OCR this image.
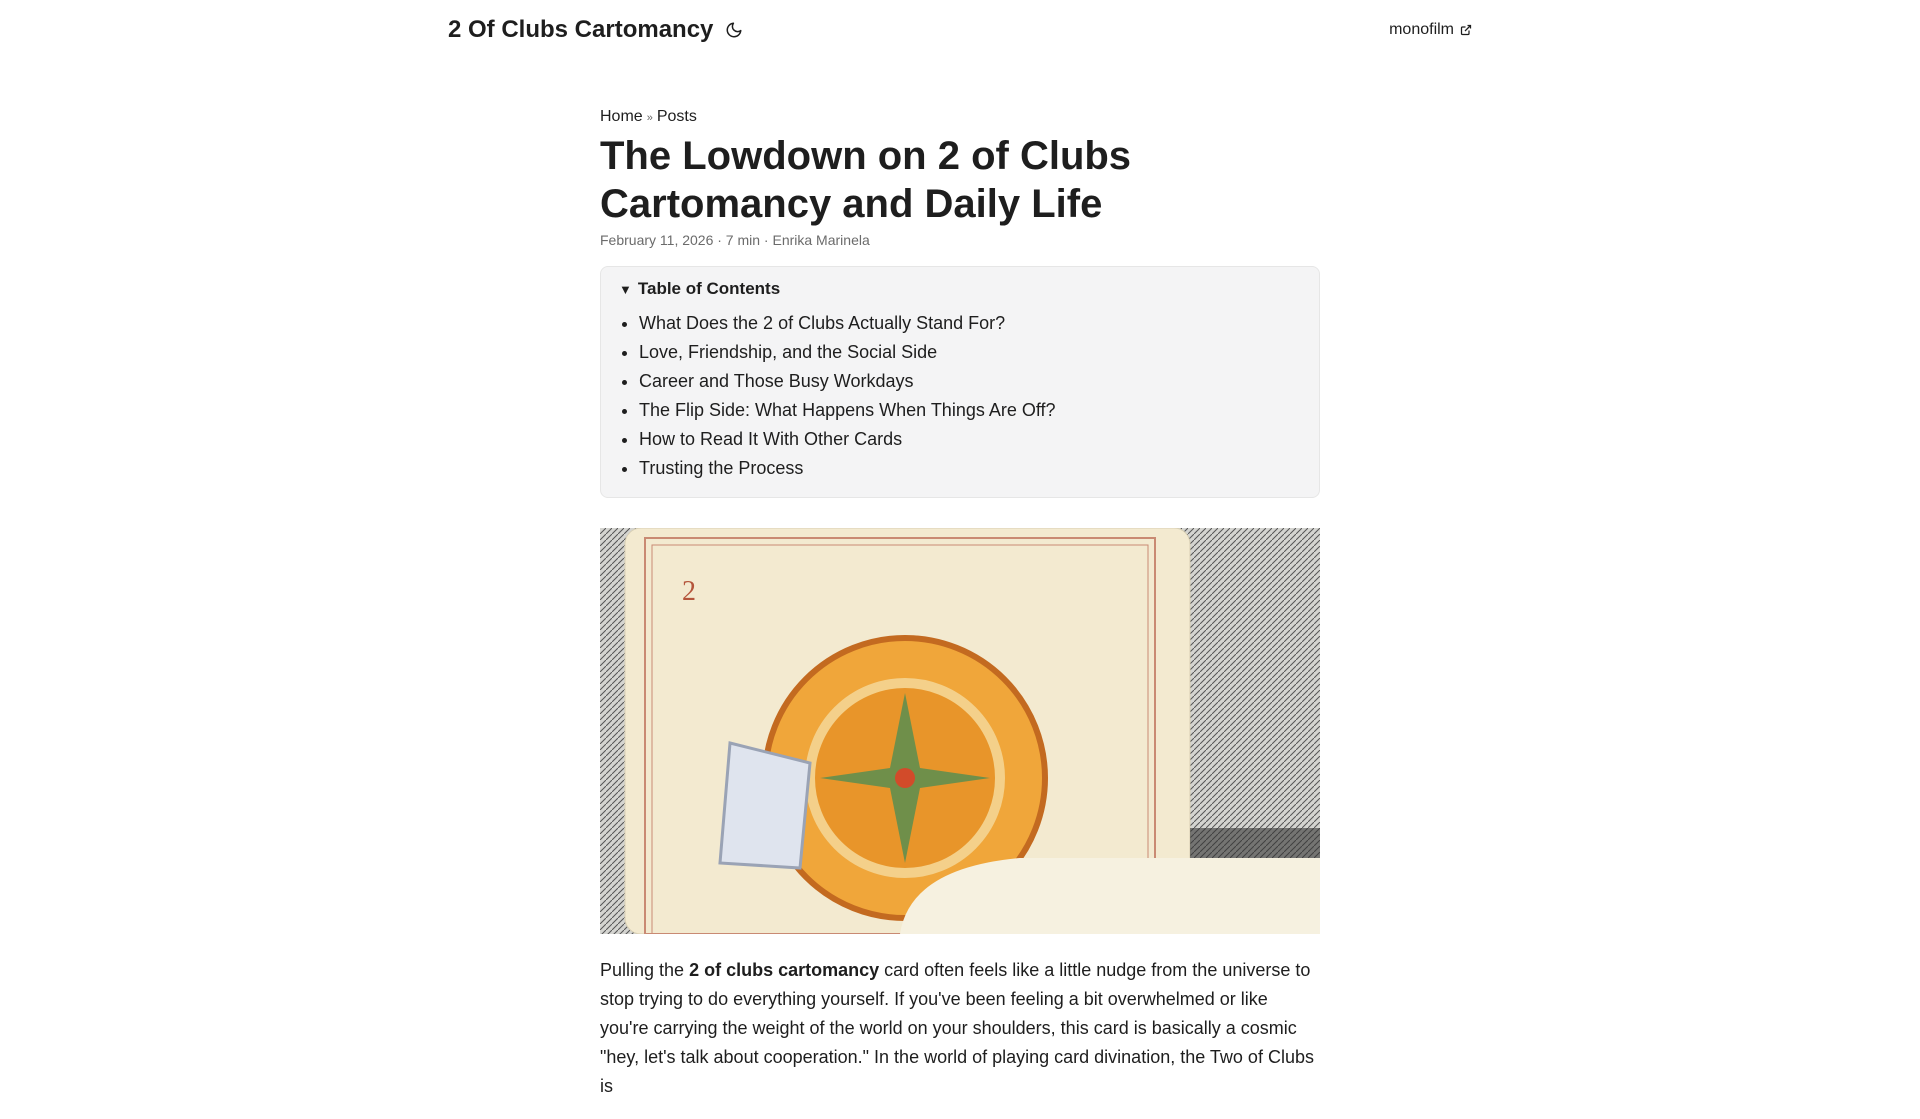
2 Of Clubs Cartomancy	monofilm
Home » Posts
The Lowdown on 2 of Clubs Cartomancy and Daily Life
February 11, 2026 · 7 min · Enrika Marinela
▼ Table of Contents
• What Does the 2 of Clubs Actually Stand For?
• Love, Friendship, and the Social Side
• Career and Those Busy Workdays
• The Flip Side: What Happens When Things Are Off?
• How to Read It With Other Cards
• Trusting the Process
2

Pulling the 2 of clubs cartomancy card often feels like a little nudge from the universe to stop trying to do everything yourself. If you've been feeling a bit overwhelmed or like you're carrying the weight of the world on your shoulders, this card is basically a cosmic "hey, let's talk about cooperation." In the world of playing card divination, the Two of Clubs is
